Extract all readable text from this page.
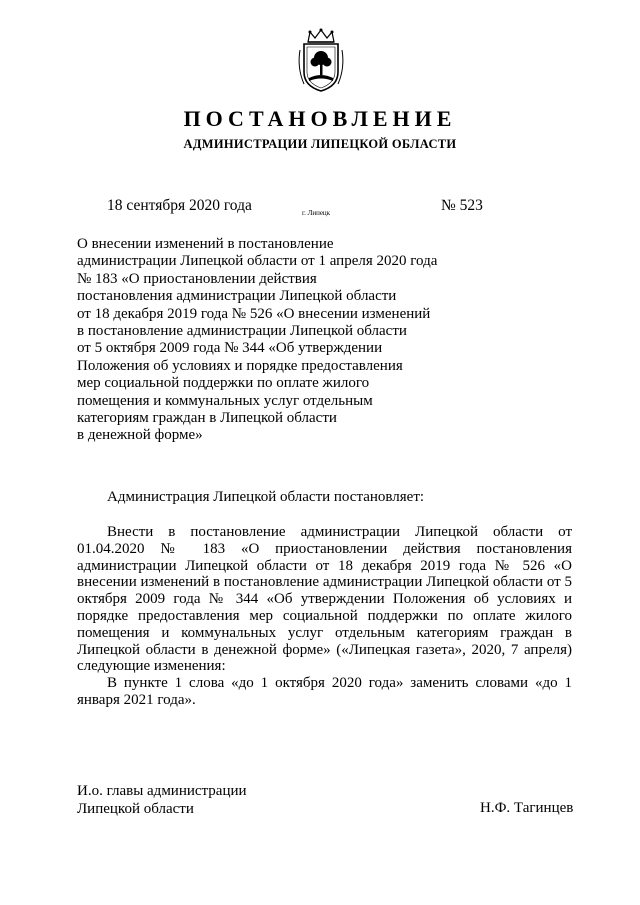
ПОСТАНОВЛЕНИЕ
АДМИНИСТРАЦИИ ЛИПЕЦКОЙ ОБЛАСТИ
18 сентября 2020 года	г. Липецк	№ 523
О внесении изменений в постановление
администрации Липецкой области от 1 апреля 2020 года
№ 183 «О приостановлении действия
постановления администрации Липецкой области
от 18 декабря 2019 года № 526 «О внесении изменений
в постановление администрации Липецкой области
от 5 октября 2009 года № 344 «Об утверждении
Положения об условиях и порядке предоставления
мер социальной поддержки по оплате жилого
помещения и коммунальных услуг отдельным
категориям граждан в Липецкой области
в денежной форме»
Администрация Липецкой области постановляет:

Внести в постановление администрации Липецкой области от 01.04.2020 № 183 «О приостановлении действия постановления администрации Липецкой области от 18 декабря 2019 года № 526 «О внесении изменений в постановление администрации Липецкой области от 5 октября 2009 года № 344 «Об утверждении Положения об условиях и порядке предоставления мер социальной поддержки по оплате жилого помещения и коммунальных услуг отдельным категориям граждан в Липецкой области в денежной форме» («Липецкая газета», 2020, 7 апреля) следующие изменения:

В пункте 1 слова «до 1 октября 2020 года» заменить словами «до 1 января 2021 года».

И.о. главы администрации
Липецкой области	Н.Ф. Тагинцев
